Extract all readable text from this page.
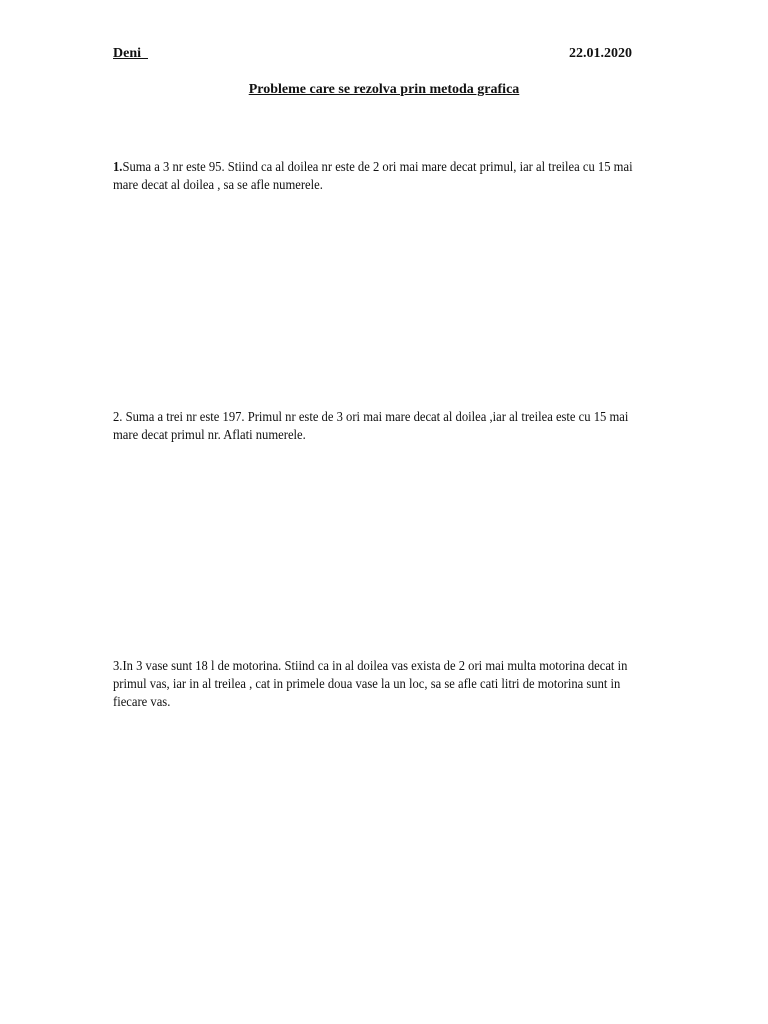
Deni	22.01.2020
Probleme care se rezolva prin metoda grafica
1.Suma a 3 nr este 95. Stiind ca al doilea nr este de 2 ori mai mare decat primul, iar al treilea cu 15 mai mare decat al doilea , sa se afle numerele.
2. Suma a trei nr este 197. Primul nr este de 3 ori mai mare decat al doilea ,iar al treilea este cu 15 mai mare decat primul nr. Aflati numerele.
3.In 3 vase sunt 18 l de motorina. Stiind ca in al doilea vas exista de 2 ori mai multa motorina decat in primul vas, iar in al treilea , cat in primele doua vase la un loc, sa se afle cati litri de motorina sunt in fiecare vas.
